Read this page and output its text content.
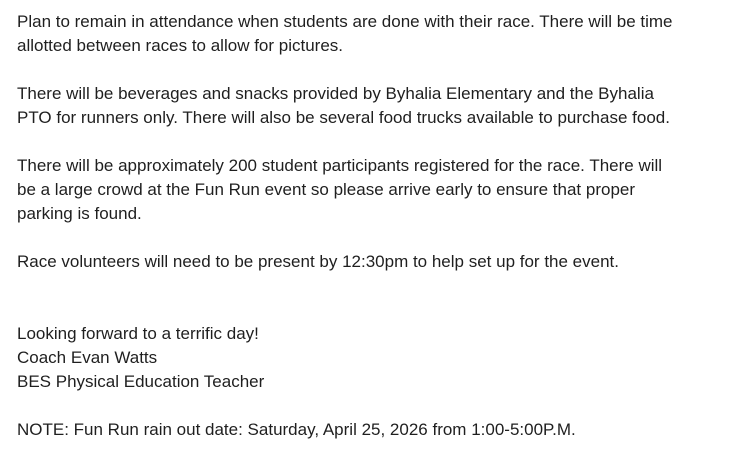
Plan to remain in attendance when students are done with their race. There will be time
allotted between races to allow for pictures.
There will be beverages and snacks provided by Byhalia Elementary and the Byhalia
PTO for runners only. There will also be several food trucks available to purchase food.
There will be approximately 200 student participants registered for the race. There will
be a large crowd at the Fun Run event so please arrive early to ensure that proper
parking is found.
Race volunteers will need to be present by 12:30pm to help set up for the event.
Looking forward to a terrific day!
Coach Evan Watts
BES Physical Education Teacher
NOTE: Fun Run rain out date: Saturday, April 25, 2026 from 1:00-5:00P.M.
